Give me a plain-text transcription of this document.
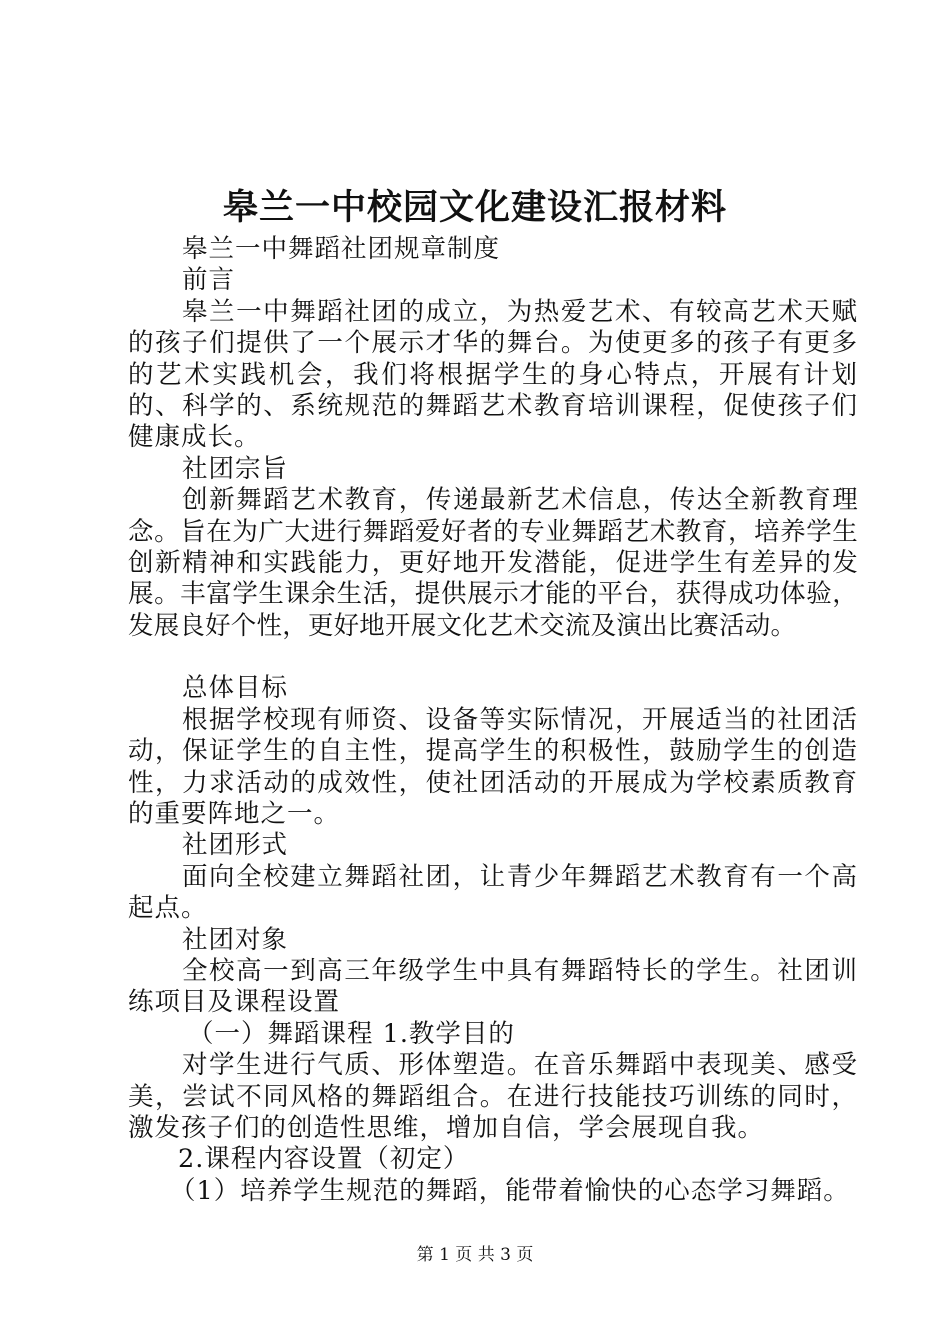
皋兰一中校园文化建设汇报材料

皋兰一中舞蹈社团规章制度

前言

皋兰一中舞蹈社团的成立，为热爱艺术、有较高艺术天赋的孩子们提供了一个展示才华的舞台。为使更多的孩子有更多的艺术实践机会，我们将根据学生的身心特点，开展有计划的、科学的、系统规范的舞蹈艺术教育培训课程，促使孩子们健康成长。

社团宗旨

创新舞蹈艺术教育，传递最新艺术信息，传达全新教育理念。旨在为广大进行舞蹈爱好者的专业舞蹈艺术教育，培养学生创新精神和实践能力，更好地开发潜能，促进学生有差异的发展。丰富学生课余生活，提供展示才能的平台，获得成功体验，发展良好个性，更好地开展文化艺术交流及演出比赛活动。

总体目标

根据学校现有师资、设备等实际情况，开展适当的社团活动，保证学生的自主性，提高学生的积极性，鼓励学生的创造性，力求活动的成效性，使社团活动的开展成为学校素质教育的重要阵地之一。

社团形式

面向全校建立舞蹈社团，让青少年舞蹈艺术教育有一个高起点。

社团对象

全校高一到高三年级学生中具有舞蹈特长的学生。社团训练项目及课程设置

（一）舞蹈课程 1.教学目的

对学生进行气质、形体塑造。在音乐舞蹈中表现美、感受美，尝试不同风格的舞蹈组合。在进行技能技巧训练的同时，激发孩子们的创造性思维，增加自信，学会展现自我。

2.课程内容设置（初定）

（1）培养学生规范的舞蹈，能带着愉快的心态学习舞蹈。

第 1 页 共 3 页
